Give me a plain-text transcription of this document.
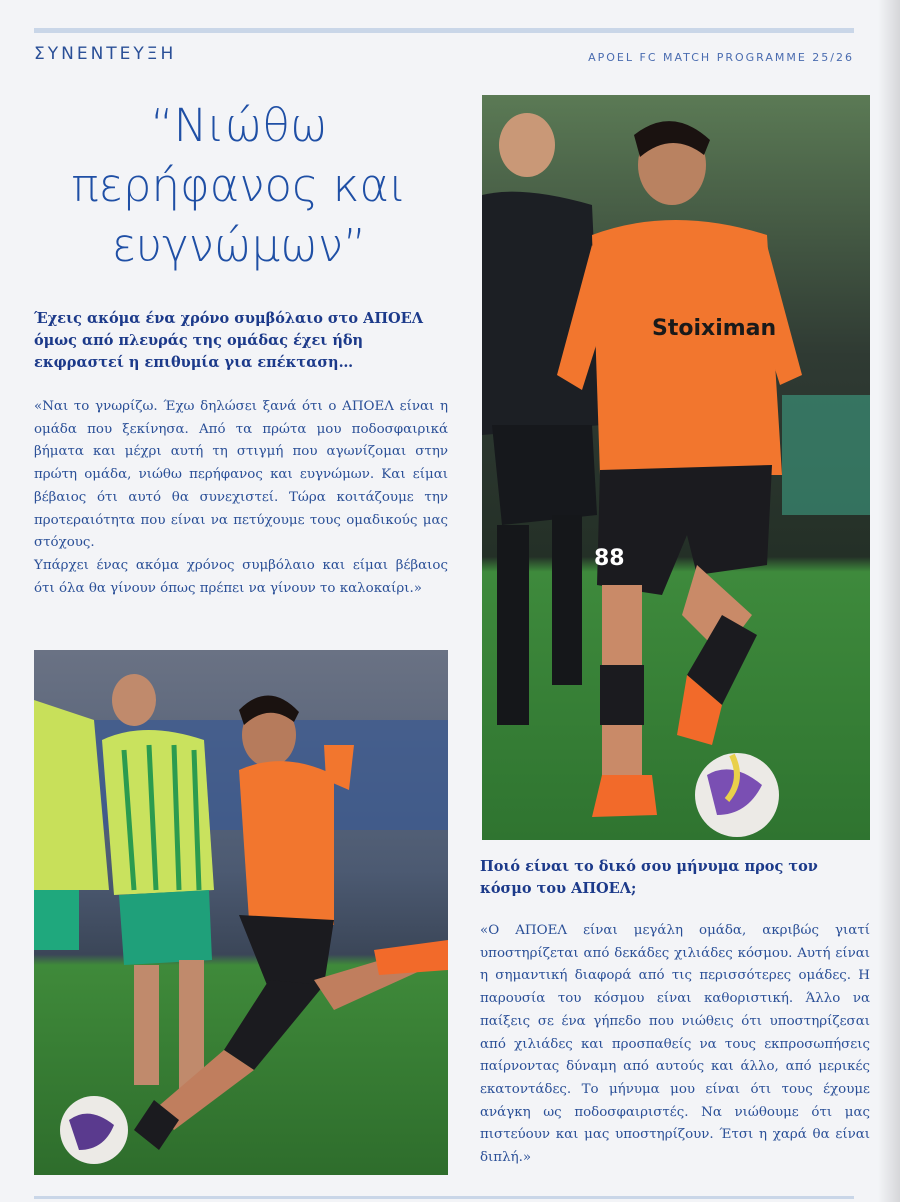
ΣΥΝΕΝΤΕΥΞΗ	APOEL FC MATCH PROGRAMME 25/26
“Νιώθω
περήφανος και
ευγνώμων”
Έχεις ακόμα ένα χρόνο συμβόλαιο στο ΑΠΟΕΛ όμως από πλευράς της ομάδας έχει ήδη εκφραστεί η επιθυμία για επέκταση…

«Ναι το γνωρίζω. Έχω δηλώσει ξανά ότι ο ΑΠΟΕΛ είναι η ομάδα που ξεκίνησα. Από τα πρώτα μου ποδοσφαιρικά βήματα και μέχρι αυτή τη στιγμή που αγωνίζομαι στην πρώτη ομάδα, νιώθω περήφανος και ευγνώμων. Και είμαι βέβαιος ότι αυτό θα συνεχιστεί. Τώρα κοιτάζουμε την προτεραιότητα που είναι να πετύχουμε τους ομαδικούς μας στόχους.

Υπάρχει ένας ακόμα χρόνος συμβόλαιο και είμαι βέβαιος ότι όλα θα γίνουν όπως πρέπει να γίνουν το καλοκαίρι.»

Stoiximan
88
Ποιό είναι το δικό σου μήνυμα προς τον κόσμο του ΑΠΟΕΛ;

«Ο ΑΠΟΕΛ είναι μεγάλη ομάδα, ακριβώς γιατί υποστηρίζεται από δεκάδες χιλιάδες κόσμου. Αυτή είναι η σημαντική διαφορά από τις περισσότερες ομάδες. Η παρουσία του κόσμου είναι καθοριστική. Άλλο να παίξεις σε ένα γήπεδο που νιώθεις ότι υποστηρίζεσαι από χιλιάδες και προσπαθείς να τους εκπροσωπήσεις παίρνοντας δύναμη από αυτούς και άλλο, από μερικές εκατοντάδες. Το μήνυμα μου είναι ότι τους έχουμε ανάγκη ως ποδοσφαιριστές. Να νιώθουμε ότι μας πιστεύουν και μας υποστηρίζουν. Έτσι η χαρά θα είναι διπλή.»
